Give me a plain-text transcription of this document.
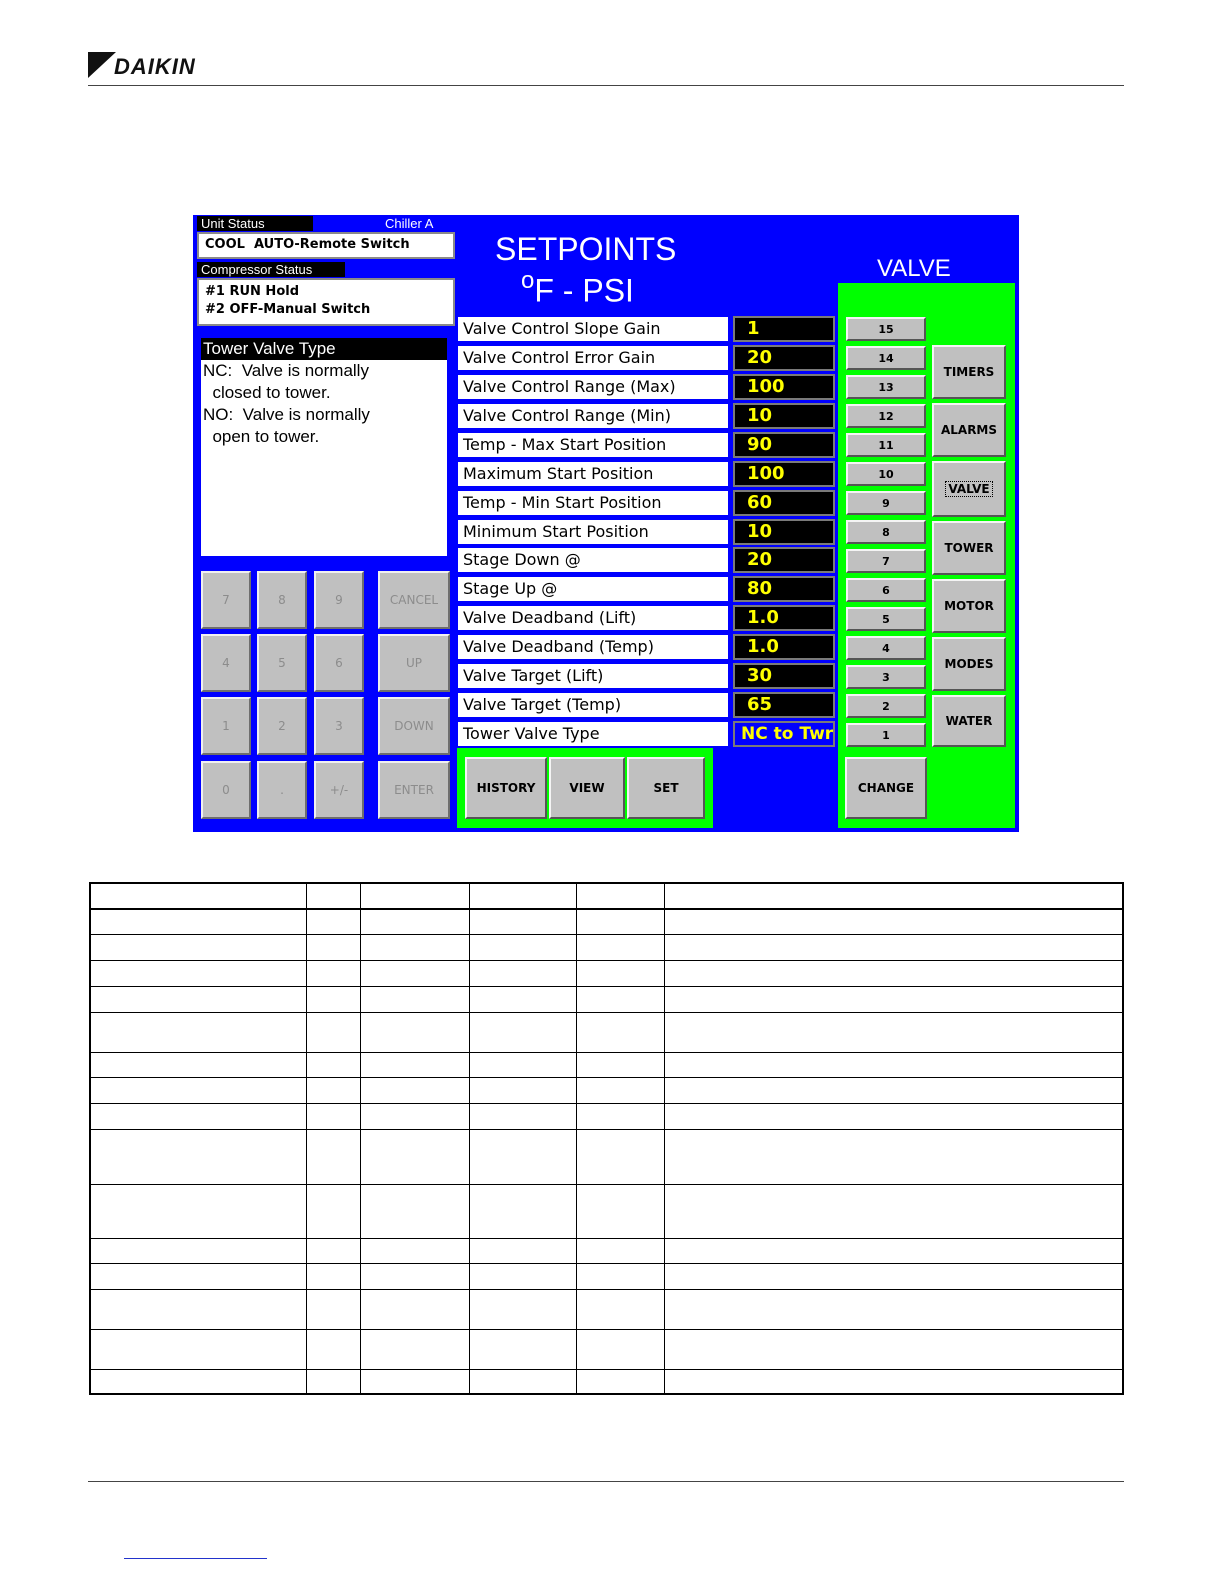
DAIKIN
Unit Status	Chiller A
COOL  AUTO-Remote Switch
Compressor Status
#1 RUN Hold
#2 OFF-Manual Switch
Tower Valve Type
NC:  Valve is normally
closed to tower.
NO:  Valve is normally
open to tower.
7	8	9	CANCEL
4	5	6	UP
1	2	3	DOWN
0	.	+/-	ENTER
SETPOINTS
$^o$F - PSI
VALVE
Valve Control Slope Gain	1
Valve Control Error Gain	20
Valve Control Range (Max)	100
Valve Control Range (Min)	10
Temp - Max Start Position	90
Maximum Start Position	100
Temp - Min Start Position	60
Minimum Start Position	10
Stage Down @	20
Stage Up @	80
Valve Deadband (Lift)	1.0
Valve Deadband (Temp)	1.0
Valve Target (Lift)	30
Valve Target (Temp)	65
Tower Valve Type	NC to Twr
15
14
13
12
11
10
9
8
7
6
5
4
3
2
1
TIMERS
ALARMS
VALVE
TOWER
MOTOR
MODES
WATER
HISTORY	VIEW	SET	CHANGE
